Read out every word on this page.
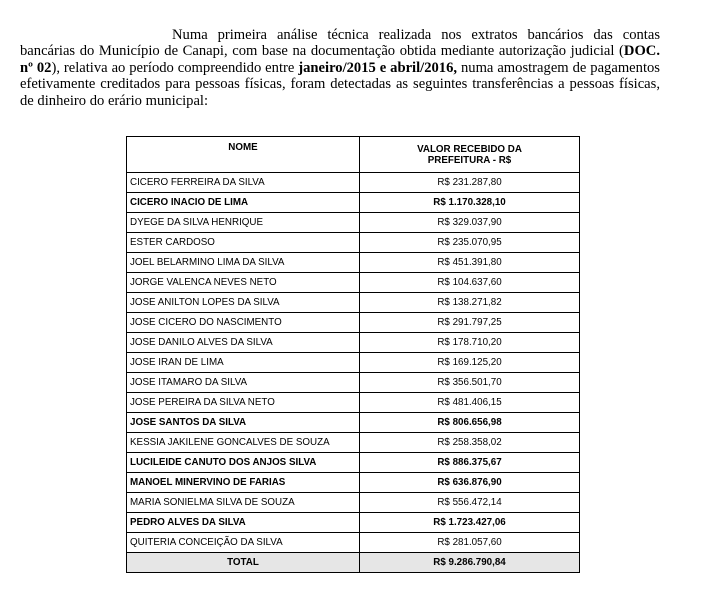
Numa primeira análise técnica realizada nos extratos bancários das contas bancárias do Município de Canapi, com base na documentação obtida mediante autorização judicial (DOC. nº 02), relativa ao período compreendido entre janeiro/2015 e abril/2016, numa amostragem de pagamentos efetivamente creditados para pessoas físicas, foram detectadas as seguintes transferências a pessoas físicas, de dinheiro do erário municipal:

NOME	VALOR RECEBIDO DA
PREFEITURA - R$
CICERO FERREIRA DA SILVA	R$ 231.287,80
CICERO INACIO DE LIMA	R$ 1.170.328,10
DYEGE DA SILVA HENRIQUE	R$ 329.037,90
ESTER CARDOSO	R$ 235.070,95
JOEL BELARMINO LIMA DA SILVA	R$ 451.391,80
JORGE VALENCA NEVES NETO	R$ 104.637,60
JOSE ANILTON LOPES DA SILVA	R$ 138.271,82
JOSE CICERO DO NASCIMENTO	R$ 291.797,25
JOSE DANILO ALVES DA SILVA	R$ 178.710,20
JOSE IRAN DE LIMA	R$ 169.125,20
JOSE ITAMARO DA SILVA	R$ 356.501,70
JOSE PEREIRA DA SILVA NETO	R$ 481.406,15
JOSE SANTOS DA SILVA	R$ 806.656,98
KESSIA JAKILENE GONCALVES DE SOUZA	R$ 258.358,02
LUCILEIDE CANUTO DOS ANJOS SILVA	R$ 886.375,67
MANOEL MINERVINO DE FARIAS	R$ 636.876,90
MARIA SONIELMA SILVA DE SOUZA	R$ 556.472,14
PEDRO ALVES DA SILVA	R$ 1.723.427,06
QUITERIA CONCEIÇÃO DA SILVA	R$ 281.057,60
TOTAL	R$ 9.286.790,84
